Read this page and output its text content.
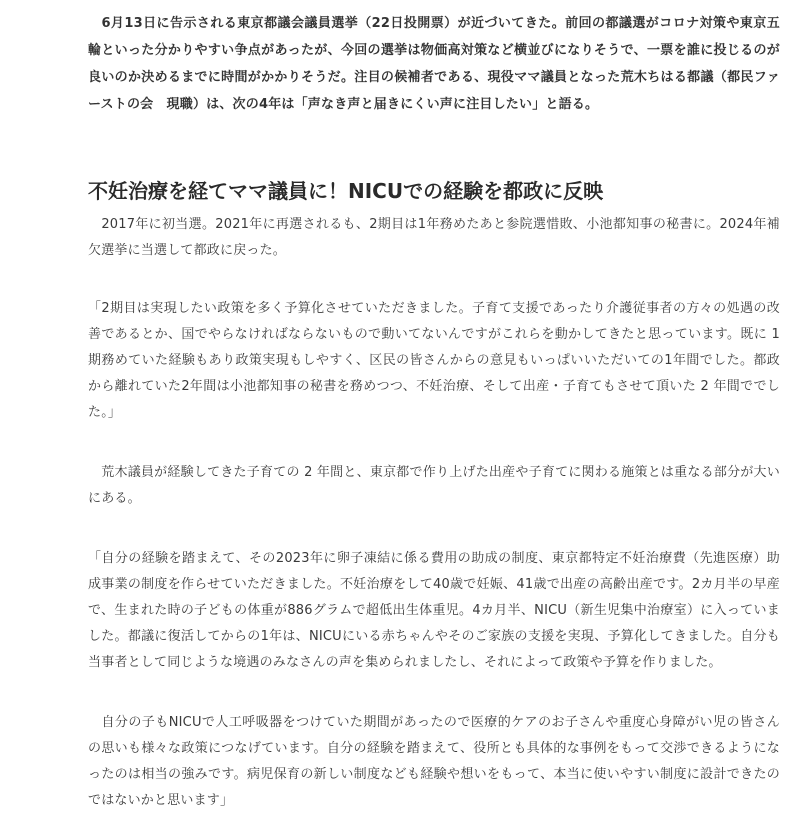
　6月13日に告示される東京都議会議員選挙（22日投開票）が近づいてきた。前回の都議選がコロナ対策や東京五輪といった分かりやすい争点があったが、今回の選挙は物価高対策など横並びになりそうで、一票を誰に投じるのが良いのか決めるまでに時間がかかりそうだ。注目の候補者である、現役ママ議員となった荒木ちはる都議（都民ファーストの会　現職）は、次の4年は「声なき声と届きにくい声に注目したい」と語る。

不妊治療を経てママ議員に！NICUでの経験を都政に反映

　2017年に初当選。2021年に再選されるも、2期目は1年務めたあと参院選惜敗、小池都知事の秘書に。2024年補欠選挙に当選して都政に戻った。

「2期目は実現したい政策を多く予算化させていただきました。子育て支援であったり介護従事者の方々の処遇の改善であるとか、国でやらなければならないもので動いてないんですがこれらを動かしてきたと思っています。既に 1 期務めていた経験もあり政策実現もしやすく、区民の皆さんからの意見もいっぱいいただいての1年間でした。都政から離れていた2年間は小池都知事の秘書を務めつつ、不妊治療、そして出産・子育てもさせて頂いた 2 年間ででした。」

　荒木議員が経験してきた子育ての 2 年間と、東京都で作り上げた出産や子育てに関わる施策とは重なる部分が大いにある。

「自分の経験を踏まえて、その2023年に卵子凍結に係る費用の助成の制度、東京都特定不妊治療費（先進医療）助成事業の制度を作らせていただきました。不妊治療をして40歳で妊娠、41歳で出産の高齢出産です。2カ月半の早産で、生まれた時の子どもの体重が886グラムで超低出生体重児。4カ月半、NICU（新生児集中治療室）に入っていました。都議に復活してからの1年は、NICUにいる赤ちゃんやそのご家族の支援を実現、予算化してきました。自分も当事者として同じような境遇のみなさんの声を集められましたし、それによって政策や予算を作りました。

　自分の子もNICUで人工呼吸器をつけていた期間があったので医療的ケアのお子さんや重度心身障がい児の皆さんの思いも様々な政策につなげています。自分の経験を踏まえて、役所とも具体的な事例をもって交渉できるようになったのは相当の強みです。病児保育の新しい制度なども経験や想いをもって、本当に使いやすい制度に設計できたのではないかと思います」
